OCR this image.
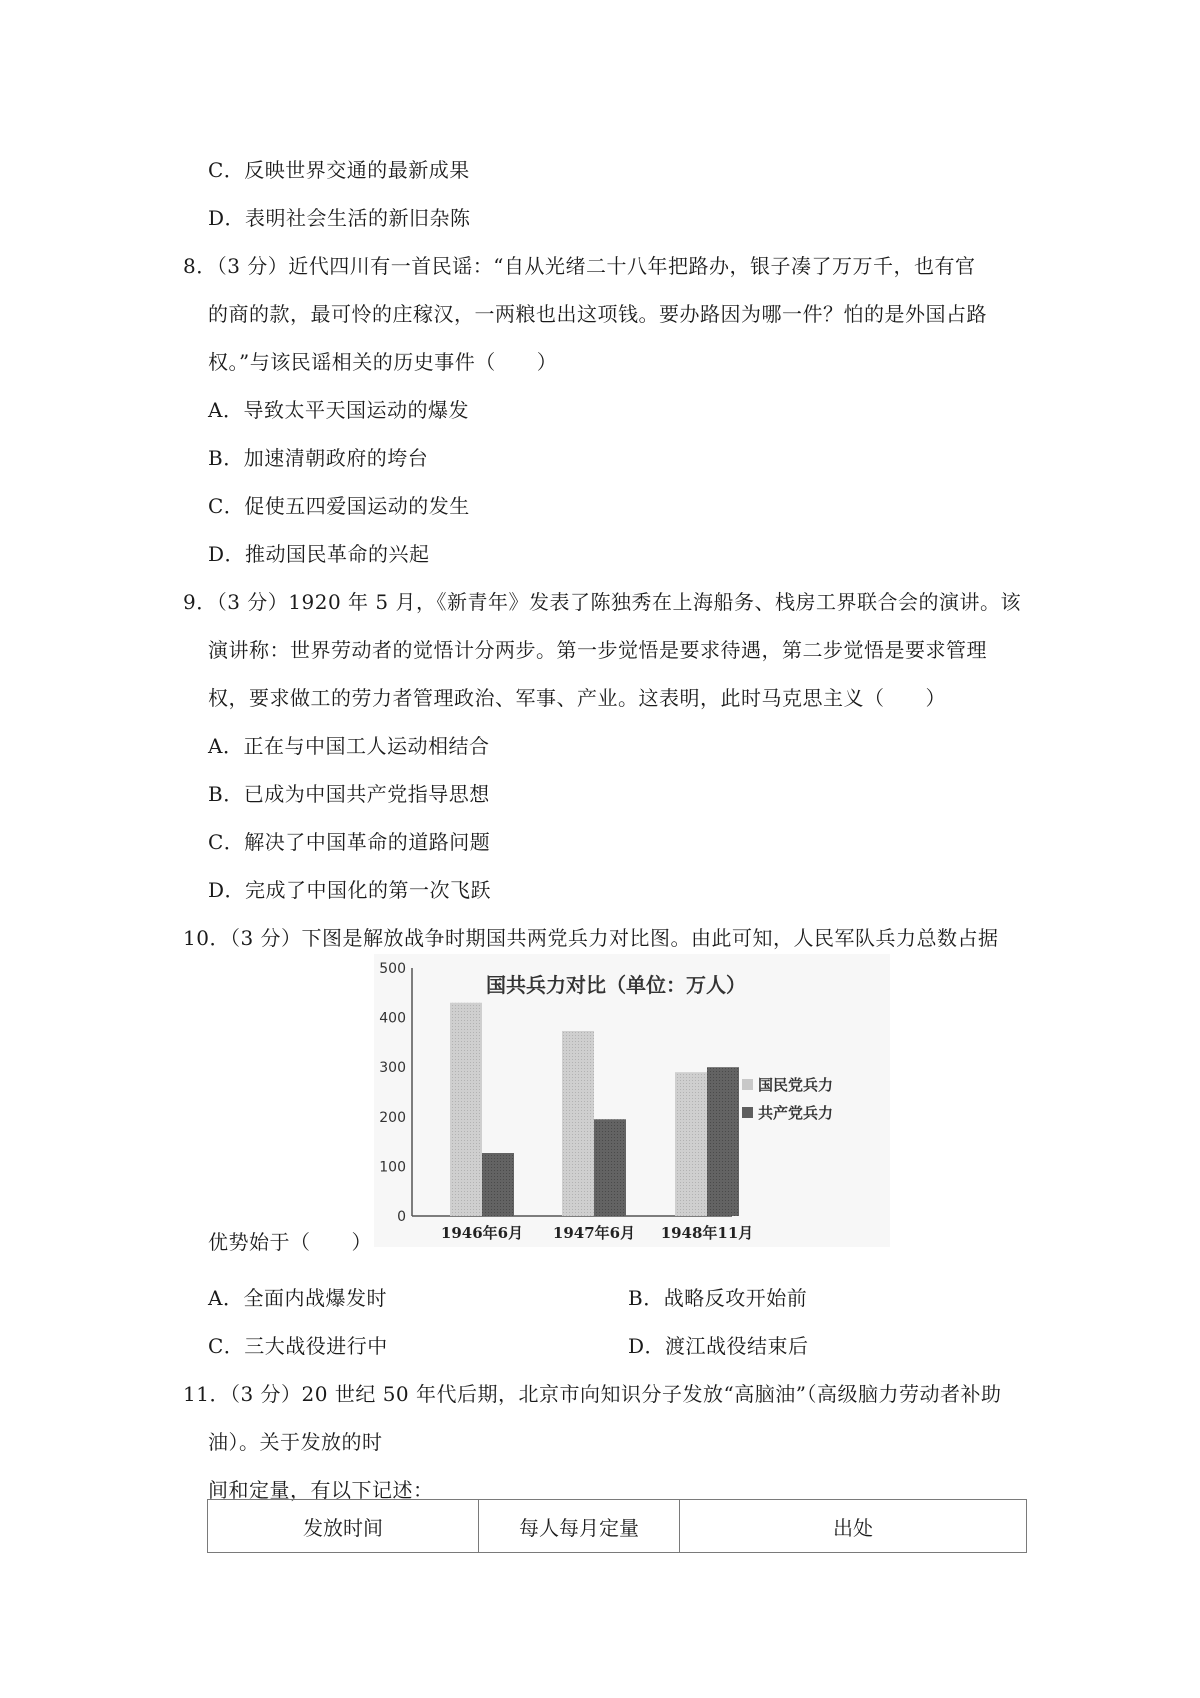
C．反映世界交通的最新成果
D．表明社会生活的新旧杂陈
8．（3 分）近代四川有一首民谣：“自从光绪二十八年把路办，银子凑了万万千，也有官
的商的款，最可怜的庄稼汉，一两粮也出这项钱。要办路因为哪一件？怕的是外国占路
权。”与该民谣相关的历史事件（　　）
A．导致太平天国运动的爆发
B．加速清朝政府的垮台
C．促使五四爱国运动的发生
D．推动国民革命的兴起
9．（3 分）1920 年 5 月，《新青年》发表了陈独秀在上海船务、栈房工界联合会的演讲。该
演讲称：世界劳动者的觉悟计分两步。第一步觉悟是要求待遇，第二步觉悟是要求管理
权，要求做工的劳力者管理政治、军事、产业。这表明，此时马克思主义（　　）
A．正在与中国工人运动相结合
B．已成为中国共产党指导思想
C．解决了中国革命的道路问题
D．完成了中国化的第一次飞跃
10．（3 分）下图是解放战争时期国共两党兵力对比图。由此可知，人民军队兵力总数占据
国共兵力对比（单位：万人）
0
100
200
300
400
500
1946年6月 1947年6月 1948年11月
国民党兵力
共产党兵力
优势始于（　　）
A．全面内战爆发时	B．战略反攻开始前
C．三大战役进行中	D．渡江战役结束后
11．（3 分）20 世纪 50 年代后期，北京市向知识分子发放“高脑油”（高级脑力劳动者补助
油）。关于发放的时
间和定量，有以下记述：
发放时间	每人每月定量	出处
